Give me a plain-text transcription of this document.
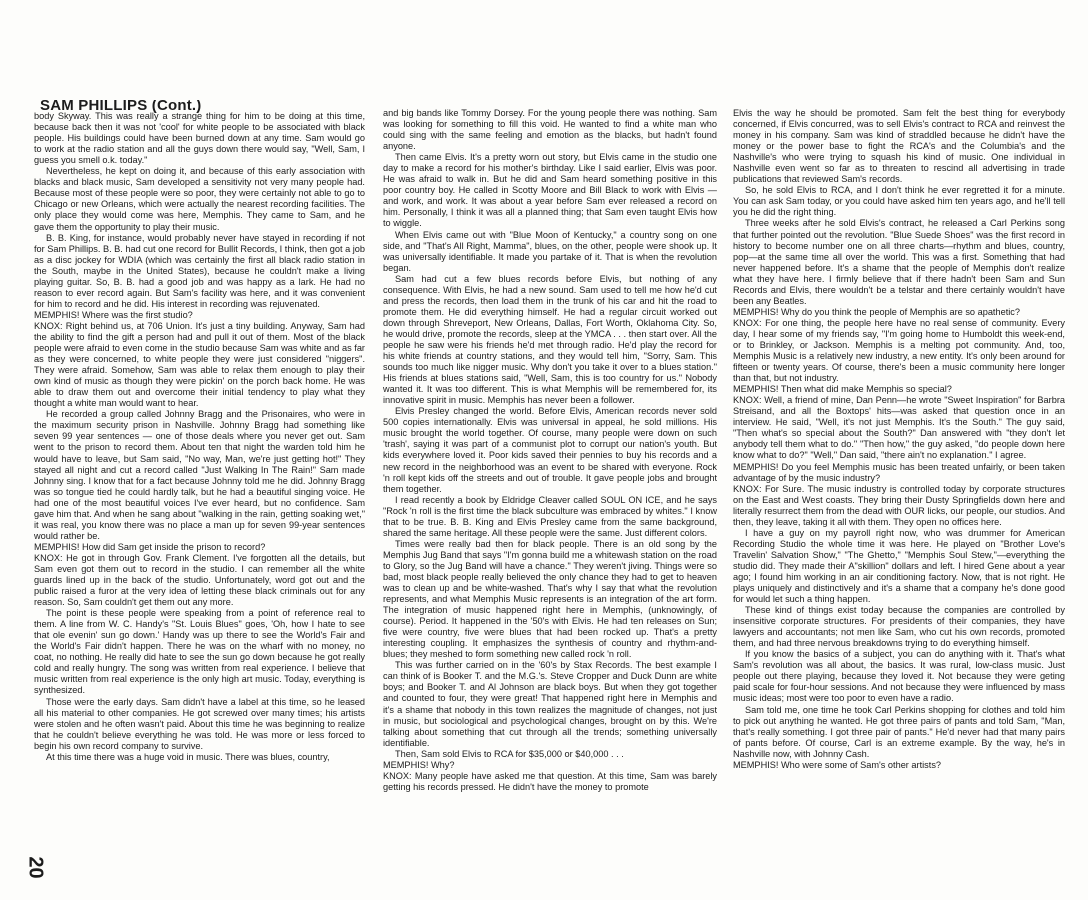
SAM PHILLIPS (Cont.)

body Skyway. This was really a strange thing for him to be doing at this time, because back then it was not 'cool' for white people to be associated with black people. His buildings could have been burned down at any time. Sam would go to work at the radio station and all the guys down there would say, "Well, Sam, I guess you smell o.k. today."

Nevertheless, he kept on doing it, and because of this early association with blacks and black music, Sam developed a sensitivity not very many people had. Because most of these people were so poor, they were certainly not able to go to Chicago or new Orleans, which were actually the nearest recording facilities. The only place they would come was here, Memphis. They came to Sam, and he gave them the opportunity to play their music.

B. B. King, for instance, would probably never have stayed in recording if not for Sam Phillips. B. B. had cut one record for Bullit Records, I think, then got a job as a disc jockey for WDIA (which was certainly the first all black radio station in the South, maybe in the United States), because he couldn't make a living playing guitar. So, B. B. had a good job and was happy as a lark. He had no reason to ever record again. But Sam's facility was here, and it was convenient for him to record and he did. His interest in recording was rejuvenated.

MEMPHIS! Where was the first studio?

KNOX: Right behind us, at 706 Union. It's just a tiny building. Anyway, Sam had the ability to find the gift a person had and pull it out of them. Most of the black people were afraid to even come in the studio because Sam was white and as far as they were concerned, to white people they were just considered "niggers". They were afraid. Somehow, Sam was able to relax them enough to play their own kind of music as though they were pickin' on the porch back home. He was able to draw them out and overcome their initial tendency to play what they thought a white man would want to hear.

He recorded a group called Johnny Bragg and the Prisonaires, who were in the maximum security prison in Nashville. Johnny Bragg had something like seven 99 year sentences — one of those deals where you never get out. Sam went to the prison to record them. About ten that night the warden told him he would have to leave, but Sam said, "No way, Man, we're just getting hot!" They stayed all night and cut a record called "Just Walking In The Rain!" Sam made Johnny sing. I know that for a fact because Johnny told me he did. Johnny Bragg was so tongue tied he could hardly talk, but he had a beautiful singing voice. He had one of the most beautiful voices I've ever heard, but no confidence. Sam gave him that. And when he sang about "walking in the rain, getting soaking wet," it was real, you know there was no place a man up for seven 99-year sentences would rather be.

MEMPHIS! How did Sam get inside the prison to record?

KNOX: He got in through Gov. Frank Clement. I've forgotten all the details, but Sam even got them out to record in the studio. I can remember all the white guards lined up in the back of the studio. Unfortunately, word got out and the public raised a furor at the very idea of letting these black criminals out for any reason. So, Sam couldn't get them out any more.

The point is these people were speaking from a point of reference real to them. A line from W. C. Handy's "St. Louis Blues" goes, 'Oh, how I hate to see that ole evenin' sun go down.' Handy was up there to see the World's Fair and the World's Fair didn't happen. There he was on the wharf with no money, no coat, no nothing. He really did hate to see the sun go down because he got really cold and really hungry. The song was written from real experience. I believe that music written from real experience is the only high art music. Today, everything is synthesized.

Those were the early days. Sam didn't have a label at this time, so he leased all his material to other companies. He got screwed over many times; his artists were stolen and he often wasn't paid. About this time he was beginning to realize that he couldn't believe everything he was told. He was more or less forced to begin his own record company to survive.

At this time there was a huge void in music. There was blues, country,

and big bands like Tommy Dorsey. For the young people there was nothing. Sam was looking for something to fill this void. He wanted to find a white man who could sing with the same feeling and emotion as the blacks, but hadn't found anyone.

Then came Elvis. It's a pretty worn out story, but Elvis came in the studio one day to make a record for his mother's birthday. Like I said earlier, Elvis was poor. He was afraid to walk in. But he did and Sam heard something positive in this poor country boy. He called in Scotty Moore and Bill Black to work with Elvis — and work, and work. It was about a year before Sam ever released a record on him. Personally, I think it was all a planned thing; that Sam even taught Elvis how to wiggle.

When Elvis came out with "Blue Moon of Kentucky," a country song on one side, and "That's All Right, Mamma", blues, on the other, people were shook up. It was universally identifiable. It made you partake of it. That is when the revolution began.

Sam had cut a few blues records before Elvis, but nothing of any consequence. With Elvis, he had a new sound. Sam used to tell me how he'd cut and press the records, then load them in the trunk of his car and hit the road to promote them. He did everything himself. He had a regular circuit worked out down through Shreveport, New Orleans, Dallas, Fort Worth, Oklahoma City. So, he would drive, promote the records, sleep at the YMCA . . . then start over. All the people he saw were his friends he'd met through radio. He'd play the record for his white friends at country stations, and they would tell him, "Sorry, Sam. This sounds too much like nigger music. Why don't you take it over to a blues station." His friends at blues stations said, "Well, Sam, this is too country for us." Nobody wanted it. It was too different. This is what Memphis will be remembered for, its innovative spirit in music. Memphis has never been a follower.

Elvis Presley changed the world. Before Elvis, American records never sold 500 copies internationally. Elvis was universal in appeal, he sold millions. His music brought the world together. Of course, many people were down on such 'trash', saying it was part of a communist plot to corrupt our nation's youth. But kids everywhere loved it. Poor kids saved their pennies to buy his records and a new record in the neighborhood was an event to be shared with everyone. Rock 'n roll kept kids off the streets and out of trouble. It gave people jobs and brought them together.

I read recently a book by Eldridge Cleaver called SOUL ON ICE, and he says "Rock 'n roll is the first time the black subculture was embraced by whites." I know that to be true. B. B. King and Elvis Presley came from the same background, shared the same heritage. All these people were the same. Just different colors.

Times were really bad then for black people. There is an old song by the Memphis Jug Band that says "I'm gonna build me a whitewash station on the road to Glory, so the Jug Band will have a chance." They weren't jiving. Things were so bad, most black people really believed the only chance they had to get to heaven was to clean up and be white-washed. That's why I say that what the revolution represents, and what Memphis Music represents is an integration of the art form. The integration of music happened right here in Memphis, (unknowingly, of course). Period. It happened in the '50's with Elvis. He had ten releases on Sun; five were country, five were blues that had been rocked up. That's a pretty interesting coupling. It emphasizes the synthesis of country and rhythm-and-blues; they meshed to form something new called rock 'n roll.

This was further carried on in the '60's by Stax Records. The best example I can think of is Booker T. and the M.G.'s. Steve Cropper and Duck Dunn are white boys; and Booker T. and Al Johnson are black boys. But when they got together and counted to four, they were great! That happened right here in Memphis and it's a shame that nobody in this town realizes the magnitude of changes, not just in music, but sociological and psychological changes, brought on by this. We're talking about something that cut through all the trends; something universally identifiable.

Then, Sam sold Elvis to RCA for $35,000 or $40,000 . . .

MEMPHIS! Why?

KNOX: Many people have asked me that question. At this time, Sam was barely getting his records pressed. He didn't have the money to promote

Elvis the way he should be promoted. Sam felt the best thing for everybody concerned, if Elvis concurred, was to sell Elvis's contract to RCA and reinvest the money in his company. Sam was kind of straddled because he didn't have the money or the power base to fight the RCA's and the Columbia's and the Nashville's who were trying to squash his kind of music. One individual in Nashville even went so far as to threaten to rescind all advertising in trade publications that reviewed Sam's records.

So, he sold Elvis to RCA, and I don't think he ever regretted it for a minute. You can ask Sam today, or you could have asked him ten years ago, and he'll tell you he did the right thing.

Three weeks after he sold Elvis's contract, he released a Carl Perkins song that further pointed out the revolution. "Blue Suede Shoes" was the first record in history to become number one on all three charts—rhythm and blues, country, pop—at the same time all over the world. This was a first. Something that had never happened before. It's a shame that the people of Memphis don't realize what they have here. I firmly believe that if there hadn't been Sam and Sun Records and Elvis, there wouldn't be a telstar and there certainly wouldn't have been any Beatles.

MEMPHIS! Why do you think the people of Memphis are so apathetic?

KNOX: For one thing, the people here have no real sense of community. Every day, I hear some of my friends say, "I'm going home to Humboldt this week-end, or to Brinkley, or Jackson. Memphis is a melting pot community. And, too, Memphis Music is a relatively new industry, a new entity. It's only been around for fifteen or twenty years. Of course, there's been a music community here longer than that, but not industry.

MEMPHIS! Then what did make Memphis so special?

KNOX: Well, a friend of mine, Dan Penn—he wrote "Sweet Inspiration" for Barbra Streisand, and all the Boxtops' hits—was asked that question once in an interview. He said, "Well, it's not just Memphis. It's the South." The guy said, "Then what's so special about the South?" Dan answered with "they don't let anybody tell them what to do." "Then how," the guy asked, "do people down here know what to do?" "Well," Dan said, "there ain't no explanation." I agree.

MEMPHIS! Do you feel Memphis music has been treated unfairly, or been taken advantage of by the music industry?

KNOX: For Sure. The music industry is controlled today by corporate structures on the East and West coasts. They bring their Dusty Springfields down here and literally resurrect them from the dead with OUR licks, our people, our studios. And then, they leave, taking it all with them. They open no offices here.

I have a guy on my payroll right now, who was drummer for American Recording Studio the whole time it was here. He played on "Brother Love's Travelin' Salvation Show," "The Ghetto," "Memphis Soul Stew,"—everything the studio did. They made their A"skillion" dollars and left. I hired Gene about a year ago; I found him working in an air conditioning factory. Now, that is not right. He plays uniquely and distinctively and it's a shame that a company he's done good for would let such a thing happen.

These kind of things exist today because the companies are controlled by insensitive corporate structures. For presidents of their companies, they have lawyers and accountants; not men like Sam, who cut his own records, promoted them, and had three nervous breakdowns trying to do everything himself.

If you know the basics of a subject, you can do anything with it. That's what Sam's revolution was all about, the basics. It was rural, low-class music. Just people out there playing, because they loved it. Not because they were geting paid scale for four-hour sessions. And not because they were influenced by mass music ideas; most were too poor to even have a radio.

Sam told me, one time he took Carl Perkins shopping for clothes and told him to pick out anything he wanted. He got three pairs of pants and told Sam, "Man, that's really something. I got three pair of pants." He'd never had that many pairs of pants before. Of course, Carl is an extreme example. By the way, he's in Nashville now, with Johnny Cash.

MEMPHIS! Who were some of Sam's other artists?

20
